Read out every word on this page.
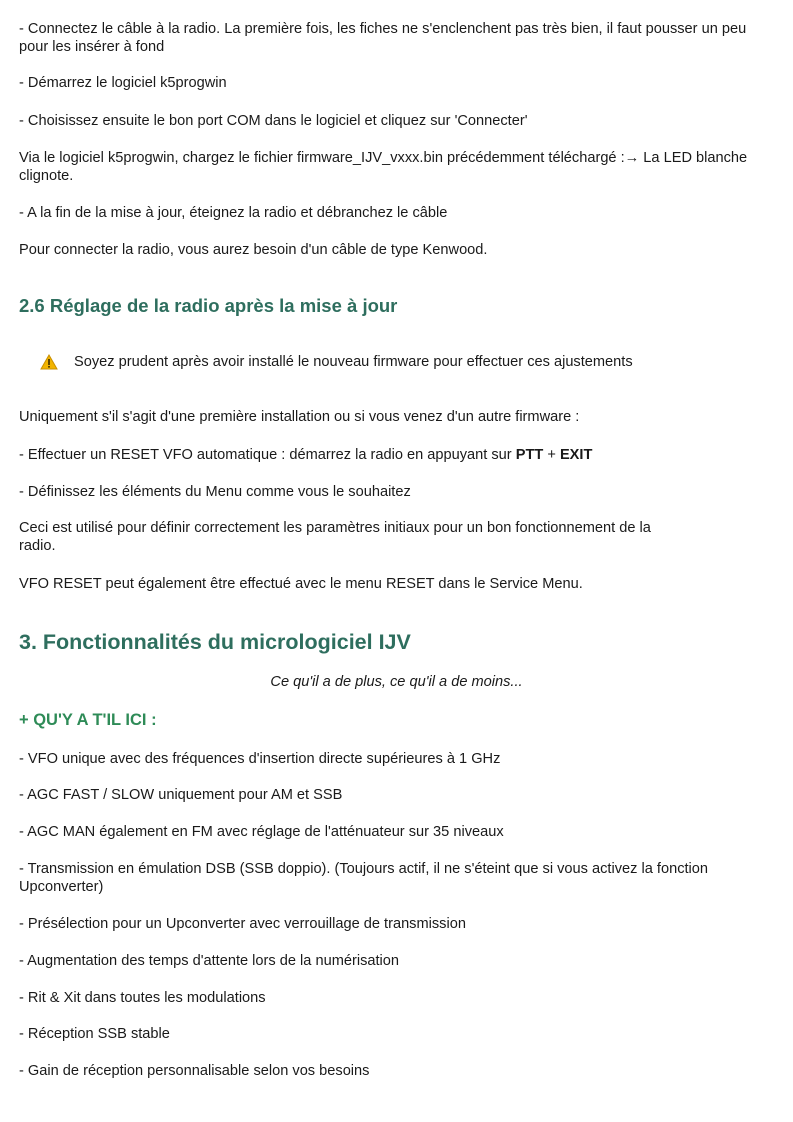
- Connectez le câble à la radio. La première fois, les fiches ne s'enclenchent pas très bien, il faut pousser un peu pour les insérer à fond

- Démarrez le logiciel k5progwin

- Choisissez ensuite le bon port COM dans le logiciel et cliquez sur 'Connecter'

Via le logiciel k5progwin, chargez le fichier firmware_IJV_vxxx.bin précédemment téléchargé :→ La LED blanche clignote.

- A la fin de la mise à jour, éteignez la radio et débranchez le câble

Pour connecter la radio, vous aurez besoin d'un câble de type Kenwood.

2.6 Réglage de la radio après la mise à jour
Soyez prudent après avoir installé le nouveau firmware pour effectuer ces ajustements

Uniquement s'il s'agit d'une première installation ou si vous venez d'un autre firmware :

- Effectuer un RESET VFO automatique : démarrez la radio en appuyant sur PTT + EXIT

- Définissez les éléments du Menu comme vous le souhaitez

Ceci est utilisé pour définir correctement les paramètres initiaux pour un bon fonctionnement de la radio.

VFO RESET peut également être effectué avec le menu RESET dans le Service Menu.

3. Fonctionnalités du micrologiciel IJV

Ce qu'il a de plus, ce qu'il a de moins...

+ QU'Y A T'IL ICI :

- VFO unique avec des fréquences d'insertion directe supérieures à 1 GHz

- AGC FAST / SLOW uniquement pour AM et SSB

- AGC MAN également en FM avec réglage de l'atténuateur sur 35 niveaux

- Transmission en émulation DSB (SSB doppio). (Toujours actif, il ne s'éteint que si vous activez la fonction Upconverter)

- Présélection pour un Upconverter avec verrouillage de transmission

- Augmentation des temps d'attente lors de la numérisation

- Rit & Xit dans toutes les modulations

- Réception SSB stable

- Gain de réception personnalisable selon vos besoins
